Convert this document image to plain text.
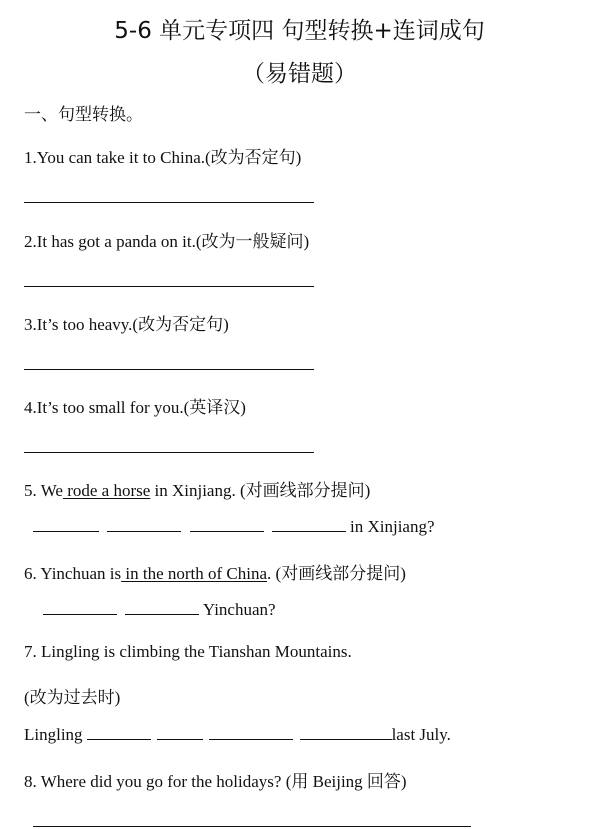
5-6 单元专项四 句型转换+连词成句
（易错题）
一、句型转换。
1.You can take it to China.(改为否定句)
2.It has got a panda on it.(改为一般疑问)
3.It’s too heavy.(改为否定句)
4.It’s too small for you.(英译汉)
5. We rode a horse in Xinjiang. (对画线部分提问)
in Xinjiang?
6. Yinchuan is in the north of China. (对画线部分提问)
Yinchuan?
7. Lingling is climbing the Tianshan Mountains.
(改为过去时)
Lingling	last July.
8. Where did you go for the holidays? (用 Beijing 回答)
